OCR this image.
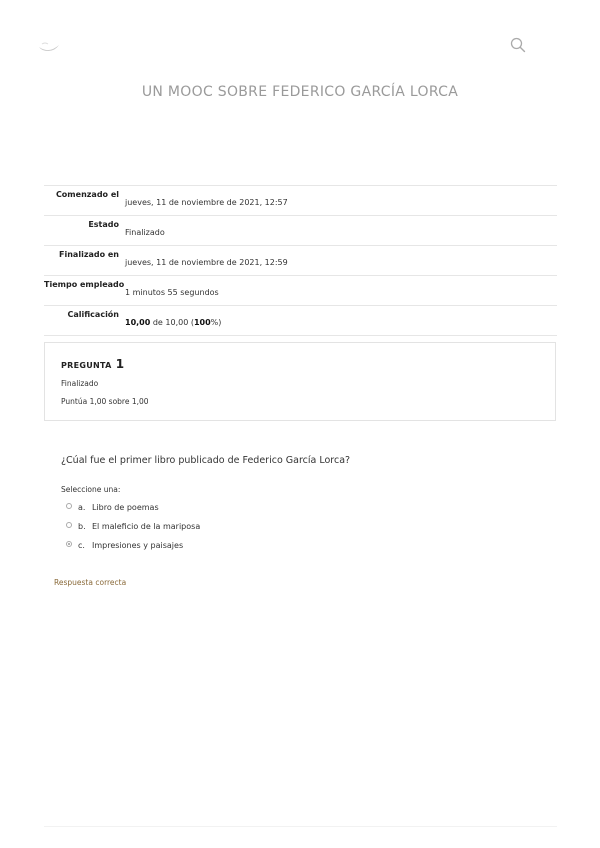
UN MOOC SOBRE FEDERICO GARCÍA LORCA
Comenzado el
jueves, 11 de noviembre de 2021, 12:57
Estado
Finalizado
Finalizado en
jueves, 11 de noviembre de 2021, 12:59
Tiempo empleado
1 minutos 55 segundos
Calificación
10,00 de 10,00 (100%)
PREGUNTA 1
Finalizado
Puntúa 1,00 sobre 1,00
¿Cúal fue el primer libro publicado de Federico García Lorca?
Seleccione una:
a. Libro de poemas
b. El maleficio de la mariposa
c. Impresiones y paisajes
Respuesta correcta
